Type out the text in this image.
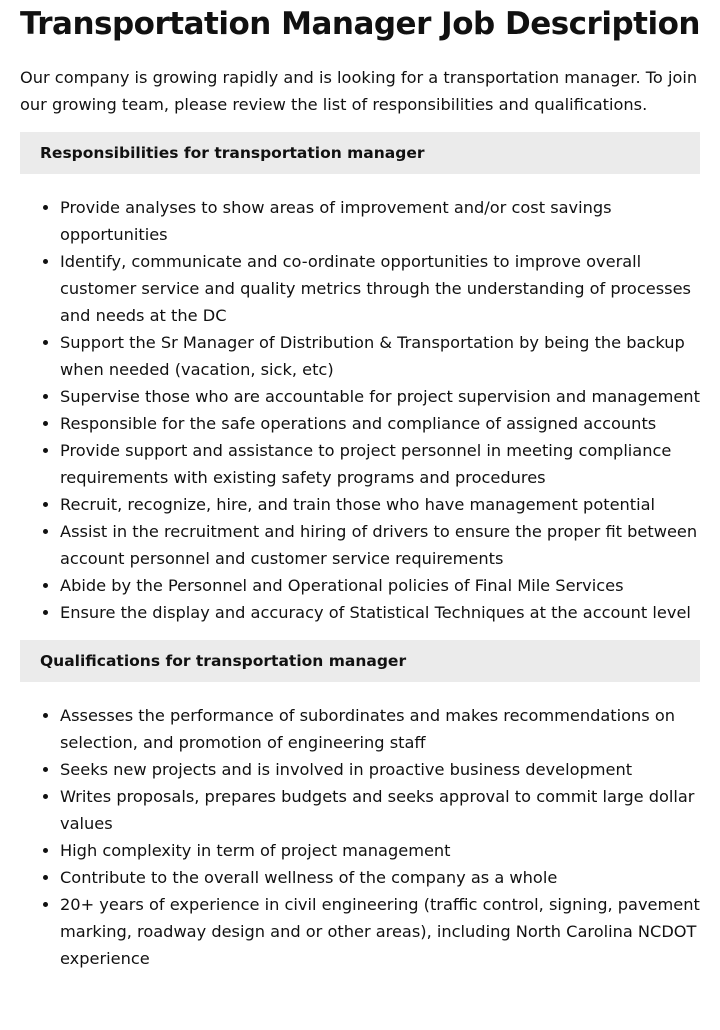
Transportation Manager Job Description

Our company is growing rapidly and is looking for a transportation manager. To join our growing team, please review the list of responsibilities and qualifications.

Responsibilities for transportation manager
• Provide analyses to show areas of improvement and/or cost savings opportunities
• Identify, communicate and co-ordinate opportunities to improve overall customer service and quality metrics through the understanding of processes and needs at the DC
• Support the Sr Manager of Distribution & Transportation by being the backup when needed (vacation, sick, etc)
• Supervise those who are accountable for project supervision and management
• Responsible for the safe operations and compliance of assigned accounts
• Provide support and assistance to project personnel in meeting compliance requirements with existing safety programs and procedures
• Recruit, recognize, hire, and train those who have management potential
• Assist in the recruitment and hiring of drivers to ensure the proper fit between account personnel and customer service requirements
• Abide by the Personnel and Operational policies of Final Mile Services
• Ensure the display and accuracy of Statistical Techniques at the account level
Qualifications for transportation manager
• Assesses the performance of subordinates and makes recommendations on selection, and promotion of engineering staff
• Seeks new projects and is involved in proactive business development
• Writes proposals, prepares budgets and seeks approval to commit large dollar values
• High complexity in term of project management
• Contribute to the overall wellness of the company as a whole
• 20+ years of experience in civil engineering (traffic control, signing, pavement marking, roadway design and or other areas), including North Carolina NCDOT experience
